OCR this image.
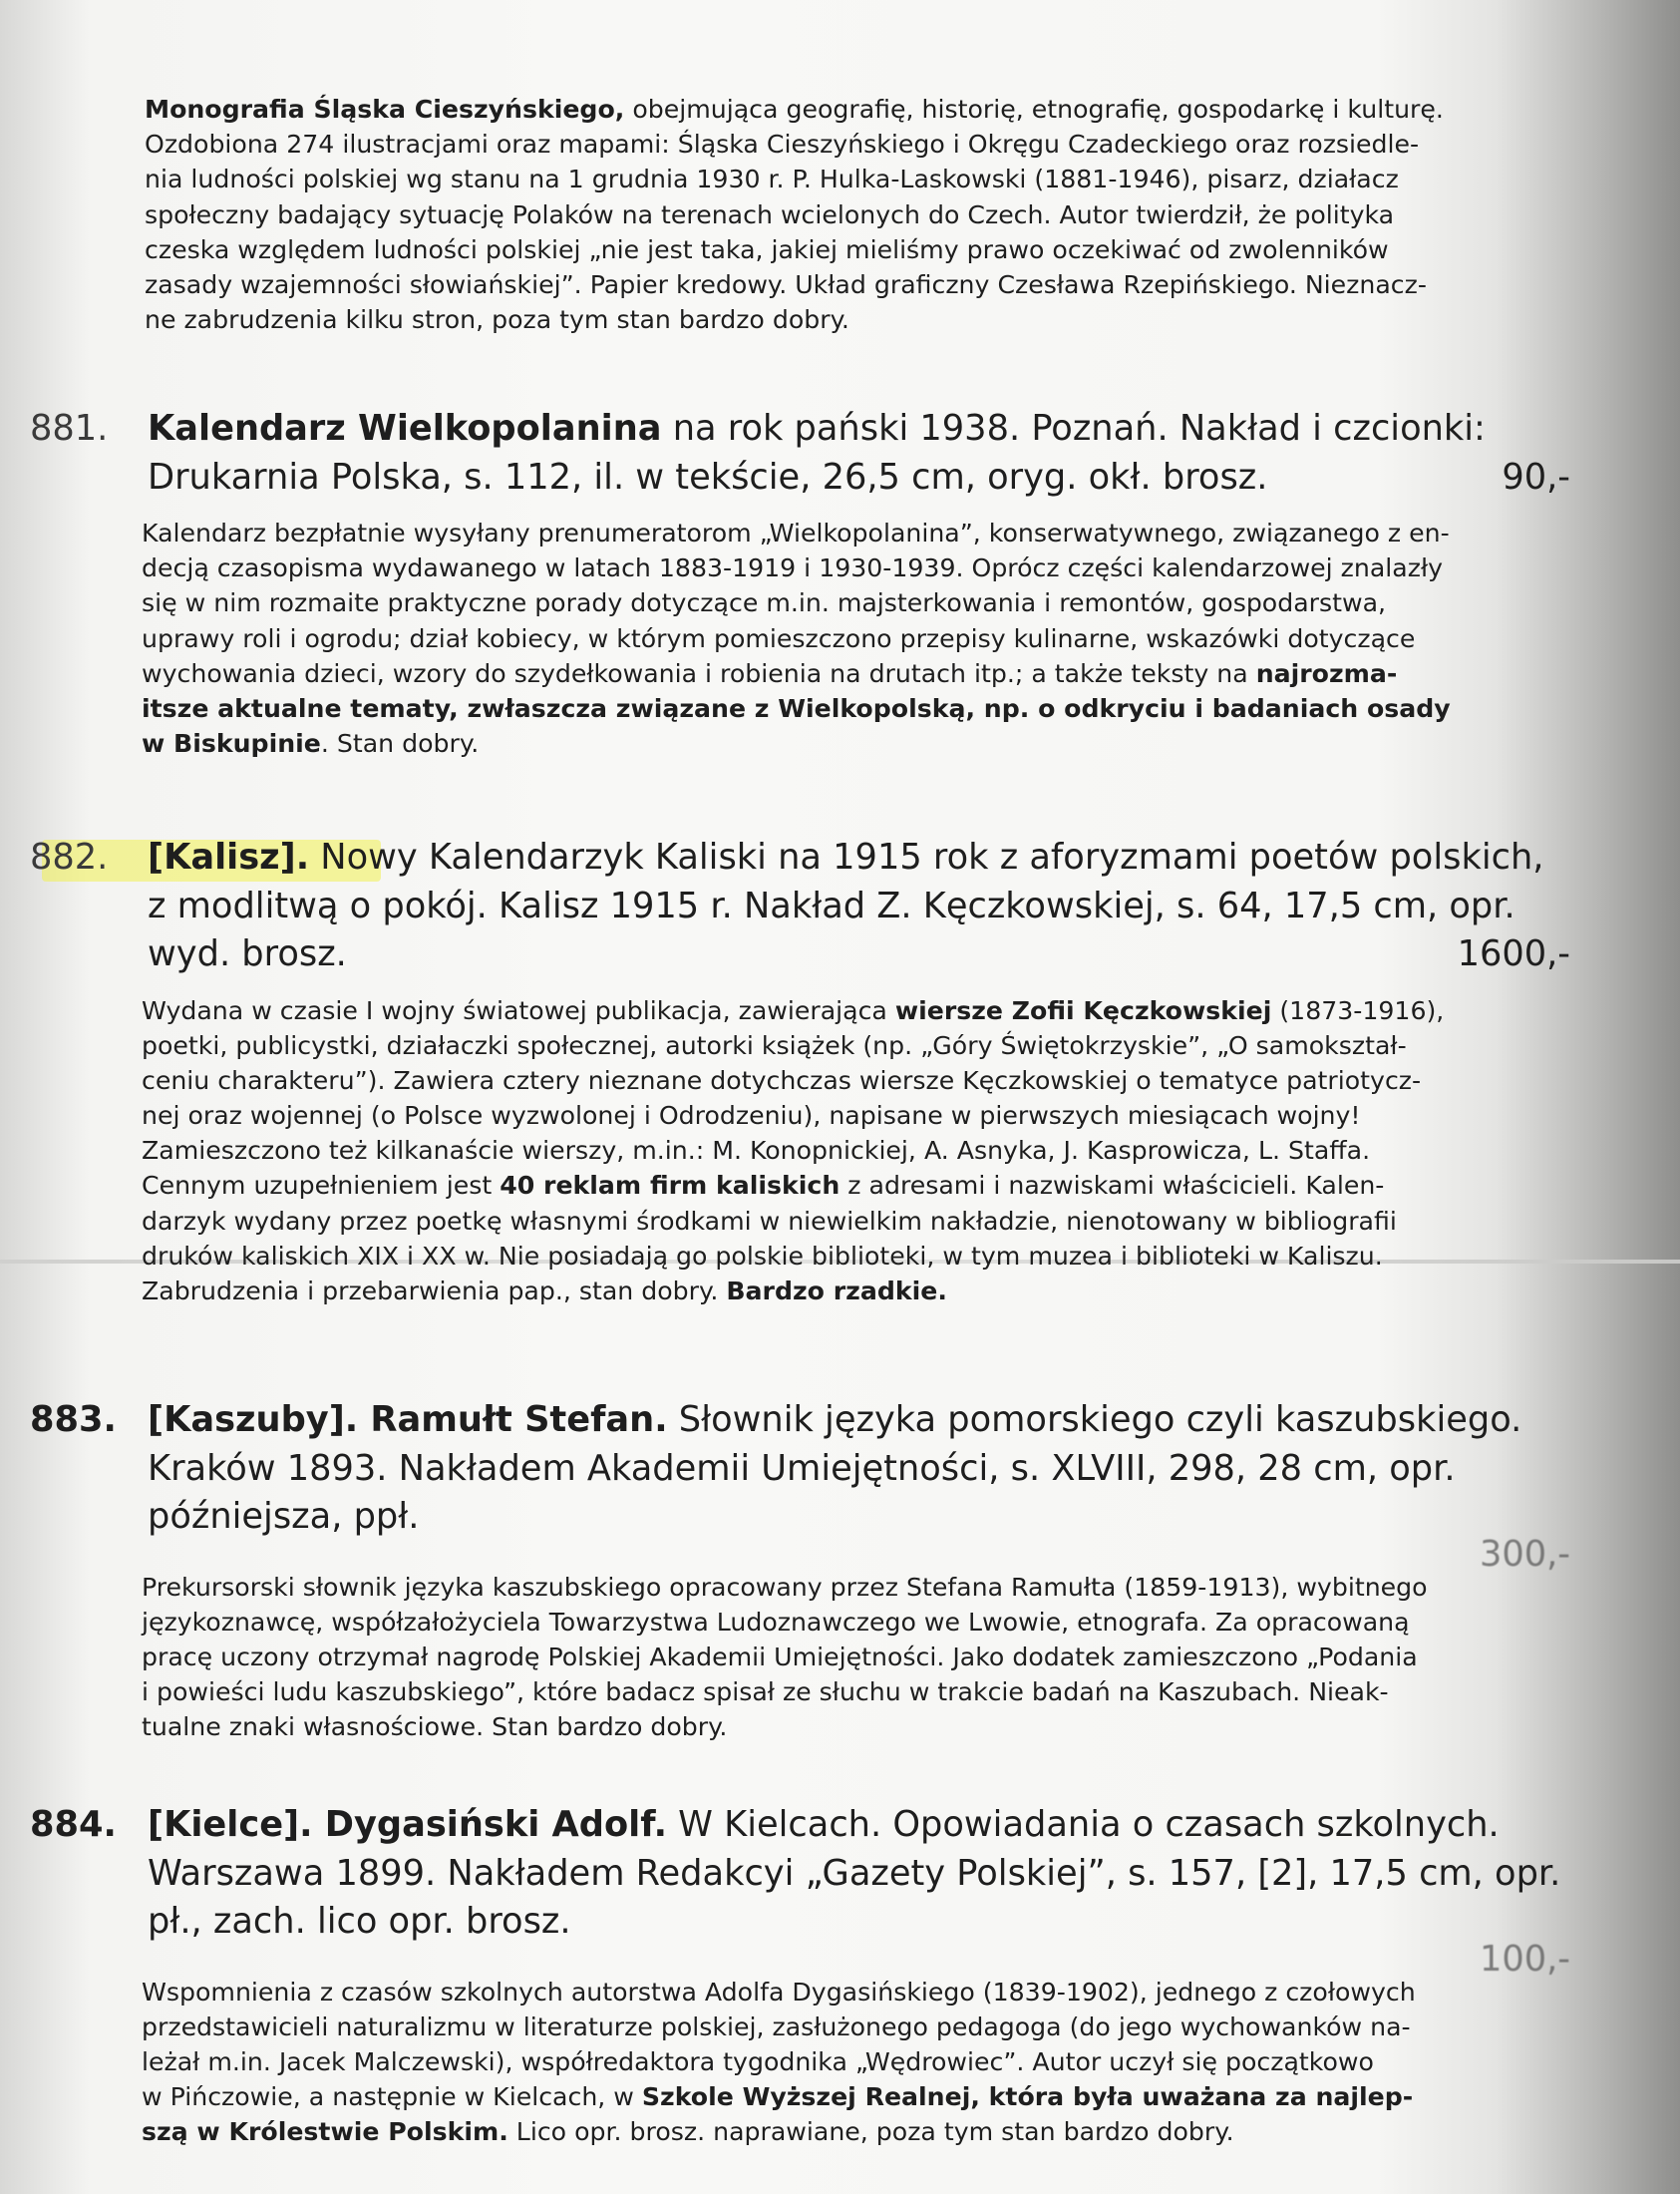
Monografia Śląska Cieszyńskiego, obejmująca geografię, historię, etnografię, gospodarkę i kulturę.
Ozdobiona 274 ilustracjami oraz mapami: Śląska Cieszyńskiego i Okręgu Czadeckiego oraz rozsiedle-
nia ludności polskiej wg stanu na 1 grudnia 1930 r. P. Hulka-Laskowski (1881-1946), pisarz, działacz
społeczny badający sytuację Polaków na terenach wcielonych do Czech. Autor twierdził, że polityka
czeska względem ludności polskiej „nie jest taka, jakiej mieliśmy prawo oczekiwać od zwolenników
zasady wzajemności słowiańskiej”. Papier kredowy. Układ graficzny Czesława Rzepińskiego. Nieznacz-
ne zabrudzenia kilku stron, poza tym stan bardzo dobry.
881. Kalendarz Wielkopolanina na rok pański 1938. Poznań. Nakład i czcionki:
Drukarnia Polska, s. 112, il. w tekście, 26,5 cm, oryg. okł. brosz.	90,-
Kalendarz bezpłatnie wysyłany prenumeratorom „Wielkopolanina”, konserwatywnego, związanego z en-
decją czasopisma wydawanego w latach 1883-1919 i 1930-1939. Oprócz części kalendarzowej znalazły
się w nim rozmaite praktyczne porady dotyczące m.in. majsterkowania i remontów, gospodarstwa,
uprawy roli i ogrodu; dział kobiecy, w którym pomieszczono przepisy kulinarne, wskazówki dotyczące
wychowania dzieci, wzory do szydełkowania i robienia na drutach itp.; a także teksty na najrozma-
itsze aktualne tematy, zwłaszcza związane z Wielkopolską, np. o odkryciu i badaniach osady
w Biskupinie. Stan dobry.
882. [Kalisz]. Nowy Kalendarzyk Kaliski na 1915 rok z aforyzmami poetów polskich,
z modlitwą o pokój. Kalisz 1915 r. Nakład Z. Kęczkowskiej, s. 64, 17,5 cm, opr.
wyd. brosz.	1600,-
Wydana w czasie I wojny światowej publikacja, zawierająca wiersze Zofii Kęczkowskiej (1873-1916),
poetki, publicystki, działaczki społecznej, autorki książek (np. „Góry Świętokrzyskie”, „O samokształ-
ceniu charakteru”). Zawiera cztery nieznane dotychczas wiersze Kęczkowskiej o tematyce patriotycz-
nej oraz wojennej (o Polsce wyzwolonej i Odrodzeniu), napisane w pierwszych miesiącach wojny!
Zamieszczono też kilkanaście wierszy, m.in.: M. Konopnickiej, A. Asnyka, J. Kasprowicza, L. Staffa.
Cennym uzupełnieniem jest 40 reklam firm kaliskich z adresami i nazwiskami właścicieli. Kalen-
darzyk wydany przez poetkę własnymi środkami w niewielkim nakładzie, nienotowany w bibliografii
druków kaliskich XIX i XX w. Nie posiadają go polskie biblioteki, w tym muzea i biblioteki w Kaliszu.
Zabrudzenia i przebarwienia pap., stan dobry. Bardzo rzadkie.
883. [Kaszuby]. Ramułt Stefan. Słownik języka pomorskiego czyli kaszubskiego.
Kraków 1893. Nakładem Akademii Umiejętności, s. XLVIII, 298, 28 cm, opr.
późniejsza, ppł.
300,-
Prekursorski słownik języka kaszubskiego opracowany przez Stefana Ramułta (1859-1913), wybitnego
językoznawcę, współzałożyciela Towarzystwa Ludoznawczego we Lwowie, etnografa. Za opracowaną
pracę uczony otrzymał nagrodę Polskiej Akademii Umiejętności. Jako dodatek zamieszczono „Podania
i powieści ludu kaszubskiego”, które badacz spisał ze słuchu w trakcie badań na Kaszubach. Nieak-
tualne znaki własnościowe. Stan bardzo dobry.
884. [Kielce]. Dygasiński Adolf. W Kielcach. Opowiadania o czasach szkolnych.
Warszawa 1899. Nakładem Redakcyi „Gazety Polskiej”, s. 157, [2], 17,5 cm, opr.
pł., zach. lico opr. brosz.
100,-
Wspomnienia z czasów szkolnych autorstwa Adolfa Dygasińskiego (1839-1902), jednego z czołowych
przedstawicieli naturalizmu w literaturze polskiej, zasłużonego pedagoga (do jego wychowanków na-
leżał m.in. Jacek Malczewski), współredaktora tygodnika „Wędrowiec”. Autor uczył się początkowo
w Pińczowie, a następnie w Kielcach, w Szkole Wyższej Realnej, która była uważana za najlep-
szą w Królestwie Polskim. Lico opr. brosz. naprawiane, poza tym stan bardzo dobry.
